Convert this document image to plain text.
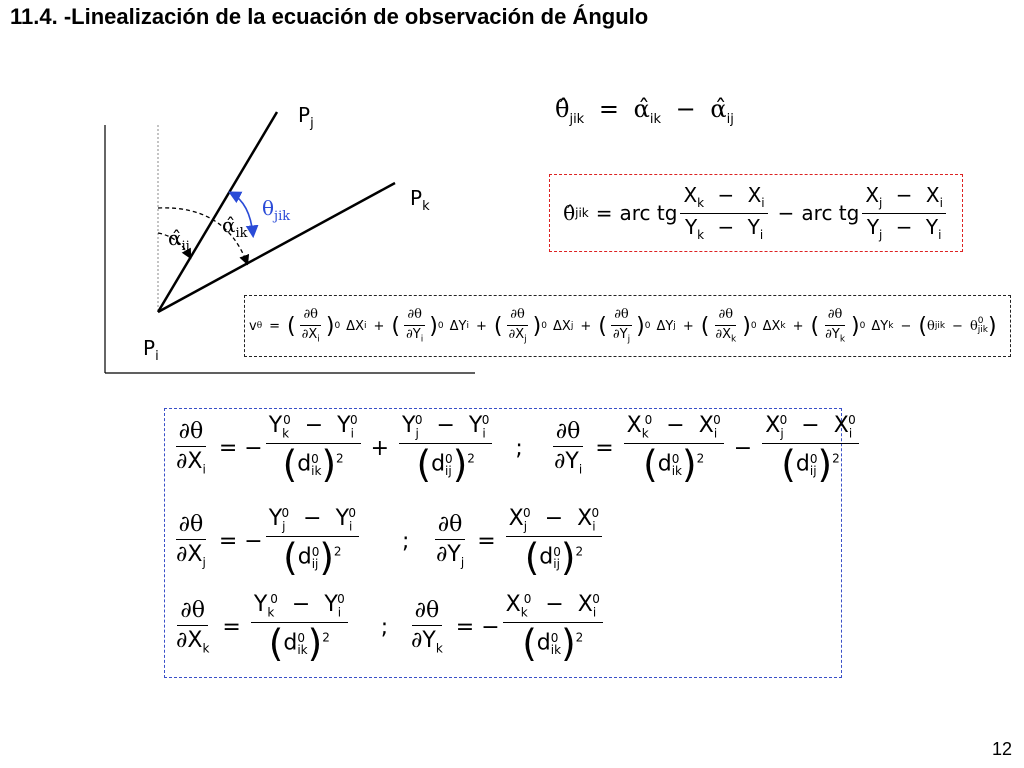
11.4. -Linealización de la ecuación de observación de Ángulo
$P_j$
$P_k$
$P_i$
$\theta_{jik}$
$\alphâ_{ik}$
$\alphâ_{ij}$
$\thetâ_{jik}$ = $\alphâ_{ik}$ − $\alphâ_{ij}$
θ̂ jik = arc tg $\frac{X_k - X_i}{Y_k - Y_i}$ − arc tg $\frac{X_j - X_i}{Y_j - Y_i}$
v θ = ( $\frac{\partial\theta}{\partial X_i}$ ) 0 Δ X i + ( $\frac{\partial\theta}{\partial Y_i}$ ) 0 Δ Y i + ( $\frac{\partial\theta}{\partial X_j}$ ) 0 Δ X j + ( $\frac{\partial\theta}{\partial Y_j}$ ) 0 Δ Y j + ( $\frac{\partial\theta}{\partial X_k}$ ) 0 Δ X k + ( $\frac{\partial\theta}{\partial Y_k}$ ) 0 Δ Y k − ( θ jik − θ 0
jik )
$\frac{\partial\theta}{\partial X_i}$ = − $Y_k^0 - Y_i^0$
(d 0
ik )$^2 + Y_j^0 - Y_i^0$
(d 0
ij )$^2$ ; $\frac{\partial\theta}{\partial Y_i} = X_k^0 - X_i^0$
(d 0
ik )$^2 - X_j^0 - X_i^0$
(d 0
ij )$^2$
$\frac{\partial\theta}{\partial X_j}$ = − $Y_j^0 - Y_i^0$
(d 0
ij )$^2$ ; $\frac{\partial\theta}{\partial Y_j} = X_j^0 - X_i^0$
(d 0
ij )$^2$
$\frac{\partial\theta}{\partial X_k} = Y_k^0 - Y_i^0$
(d 0
ik )$^2$ ; $\frac{\partial\theta}{\partial Y_k}$ = − $X_k^0 - X_i^0$
(d 0
ik )$^2$
12
